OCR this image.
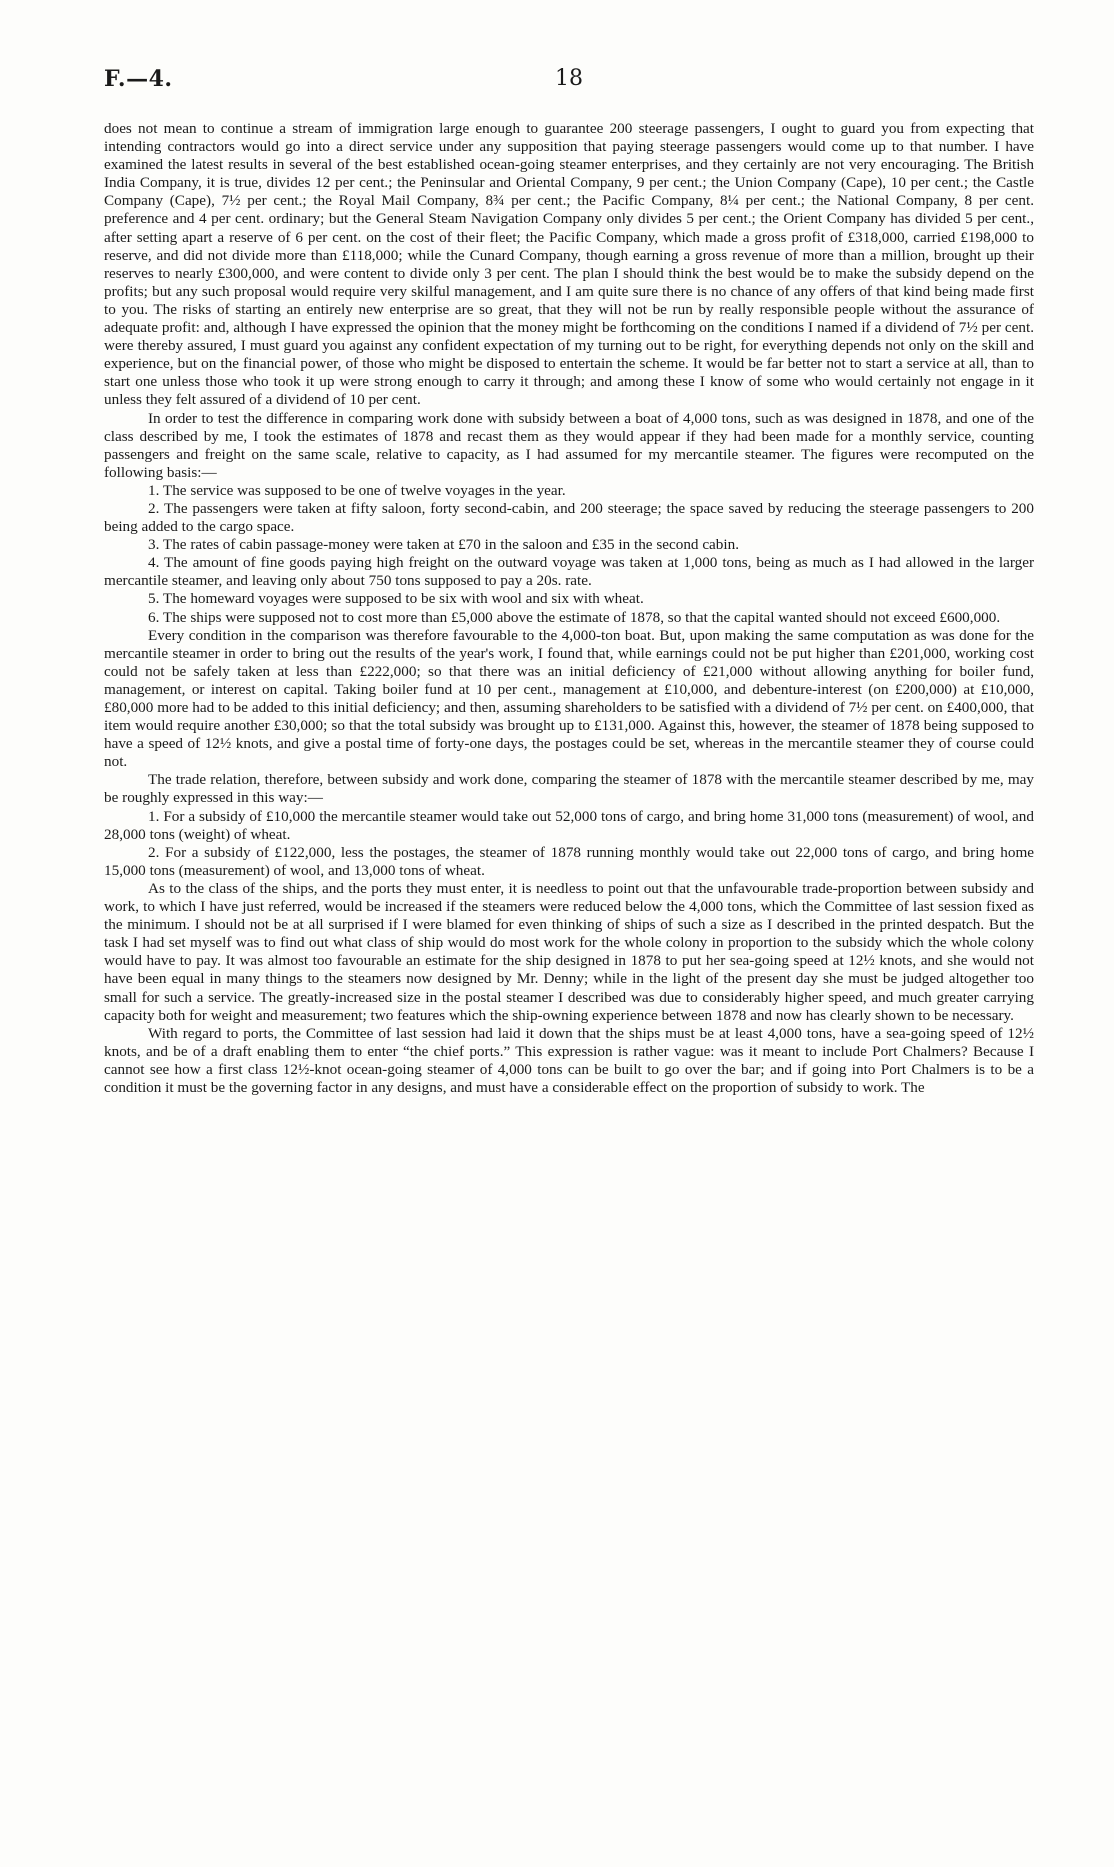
F.—4.	18

does not mean to continue a stream of immigration large enough to guarantee 200 steerage passengers, I ought to guard you from expecting that intending contractors would go into a direct service under any supposition that paying steerage passengers would come up to that number. I have examined the latest results in several of the best established ocean-going steamer enterprises, and they certainly are not very encouraging. The British India Company, it is true, divides 12 per cent.; the Peninsular and Oriental Company, 9 per cent.; the Union Company (Cape), 10 per cent.; the Castle Company (Cape), 7½ per cent.; the Royal Mail Company, 8¾ per cent.; the Pacific Company, 8¼ per cent.; the National Company, 8 per cent. preference and 4 per cent. ordinary; but the General Steam Navigation Company only divides 5 per cent.; the Orient Company has divided 5 per cent., after setting apart a reserve of 6 per cent. on the cost of their fleet; the Pacific Company, which made a gross profit of £318,000, carried £198,000 to reserve, and did not divide more than £118,000; while the Cunard Company, though earning a gross revenue of more than a million, brought up their reserves to nearly £300,000, and were content to divide only 3 per cent. The plan I should think the best would be to make the subsidy depend on the profits; but any such proposal would require very skilful management, and I am quite sure there is no chance of any offers of that kind being made first to you. The risks of starting an entirely new enterprise are so great, that they will not be run by really responsible people without the assurance of adequate profit: and, although I have expressed the opinion that the money might be forthcoming on the conditions I named if a dividend of 7½ per cent. were thereby assured, I must guard you against any confident expectation of my turning out to be right, for everything depends not only on the skill and experience, but on the financial power, of those who might be disposed to entertain the scheme. It would be far better not to start a service at all, than to start one unless those who took it up were strong enough to carry it through; and among these I know of some who would certainly not engage in it unless they felt assured of a dividend of 10 per cent.

In order to test the difference in comparing work done with subsidy between a boat of 4,000 tons, such as was designed in 1878, and one of the class described by me, I took the estimates of 1878 and recast them as they would appear if they had been made for a monthly service, counting passengers and freight on the same scale, relative to capacity, as I had assumed for my mercantile steamer. The figures were recomputed on the following basis:—

1. The service was supposed to be one of twelve voyages in the year.

2. The passengers were taken at fifty saloon, forty second-cabin, and 200 steerage; the space saved by reducing the steerage passengers to 200 being added to the cargo space.

3. The rates of cabin passage-money were taken at £70 in the saloon and £35 in the second cabin.

4. The amount of fine goods paying high freight on the outward voyage was taken at 1,000 tons, being as much as I had allowed in the larger mercantile steamer, and leaving only about 750 tons supposed to pay a 20s. rate.

5. The homeward voyages were supposed to be six with wool and six with wheat.

6. The ships were supposed not to cost more than £5,000 above the estimate of 1878, so that the capital wanted should not exceed £600,000.

Every condition in the comparison was therefore favourable to the 4,000-ton boat. But, upon making the same computation as was done for the mercantile steamer in order to bring out the results of the year's work, I found that, while earnings could not be put higher than £201,000, working cost could not be safely taken at less than £222,000; so that there was an initial deficiency of £21,000 without allowing anything for boiler fund, management, or interest on capital. Taking boiler fund at 10 per cent., management at £10,000, and debenture-interest (on £200,000) at £10,000, £80,000 more had to be added to this initial deficiency; and then, assuming shareholders to be satisfied with a dividend of 7½ per cent. on £400,000, that item would require another £30,000; so that the total subsidy was brought up to £131,000. Against this, however, the steamer of 1878 being supposed to have a speed of 12½ knots, and give a postal time of forty-one days, the postages could be set, whereas in the mercantile steamer they of course could not.

The trade relation, therefore, between subsidy and work done, comparing the steamer of 1878 with the mercantile steamer described by me, may be roughly expressed in this way:—

1. For a subsidy of £10,000 the mercantile steamer would take out 52,000 tons of cargo, and bring home 31,000 tons (measurement) of wool, and 28,000 tons (weight) of wheat.

2. For a subsidy of £122,000, less the postages, the steamer of 1878 running monthly would take out 22,000 tons of cargo, and bring home 15,000 tons (measurement) of wool, and 13,000 tons of wheat.

As to the class of the ships, and the ports they must enter, it is needless to point out that the unfavourable trade-proportion between subsidy and work, to which I have just referred, would be increased if the steamers were reduced below the 4,000 tons, which the Committee of last session fixed as the minimum. I should not be at all surprised if I were blamed for even thinking of ships of such a size as I described in the printed despatch. But the task I had set myself was to find out what class of ship would do most work for the whole colony in proportion to the subsidy which the whole colony would have to pay. It was almost too favourable an estimate for the ship designed in 1878 to put her sea-going speed at 12½ knots, and she would not have been equal in many things to the steamers now designed by Mr. Denny; while in the light of the present day she must be judged altogether too small for such a service. The greatly-increased size in the postal steamer I described was due to considerably higher speed, and much greater carrying capacity both for weight and measurement; two features which the ship-owning experience between 1878 and now has clearly shown to be necessary.

With regard to ports, the Committee of last session had laid it down that the ships must be at least 4,000 tons, have a sea-going speed of 12½ knots, and be of a draft enabling them to enter “the chief ports.” This expression is rather vague: was it meant to include Port Chalmers? Because I cannot see how a first class 12½-knot ocean-going steamer of 4,000 tons can be built to go over the bar; and if going into Port Chalmers is to be a condition it must be the governing factor in any designs, and must have a considerable effect on the proportion of subsidy to work. The
